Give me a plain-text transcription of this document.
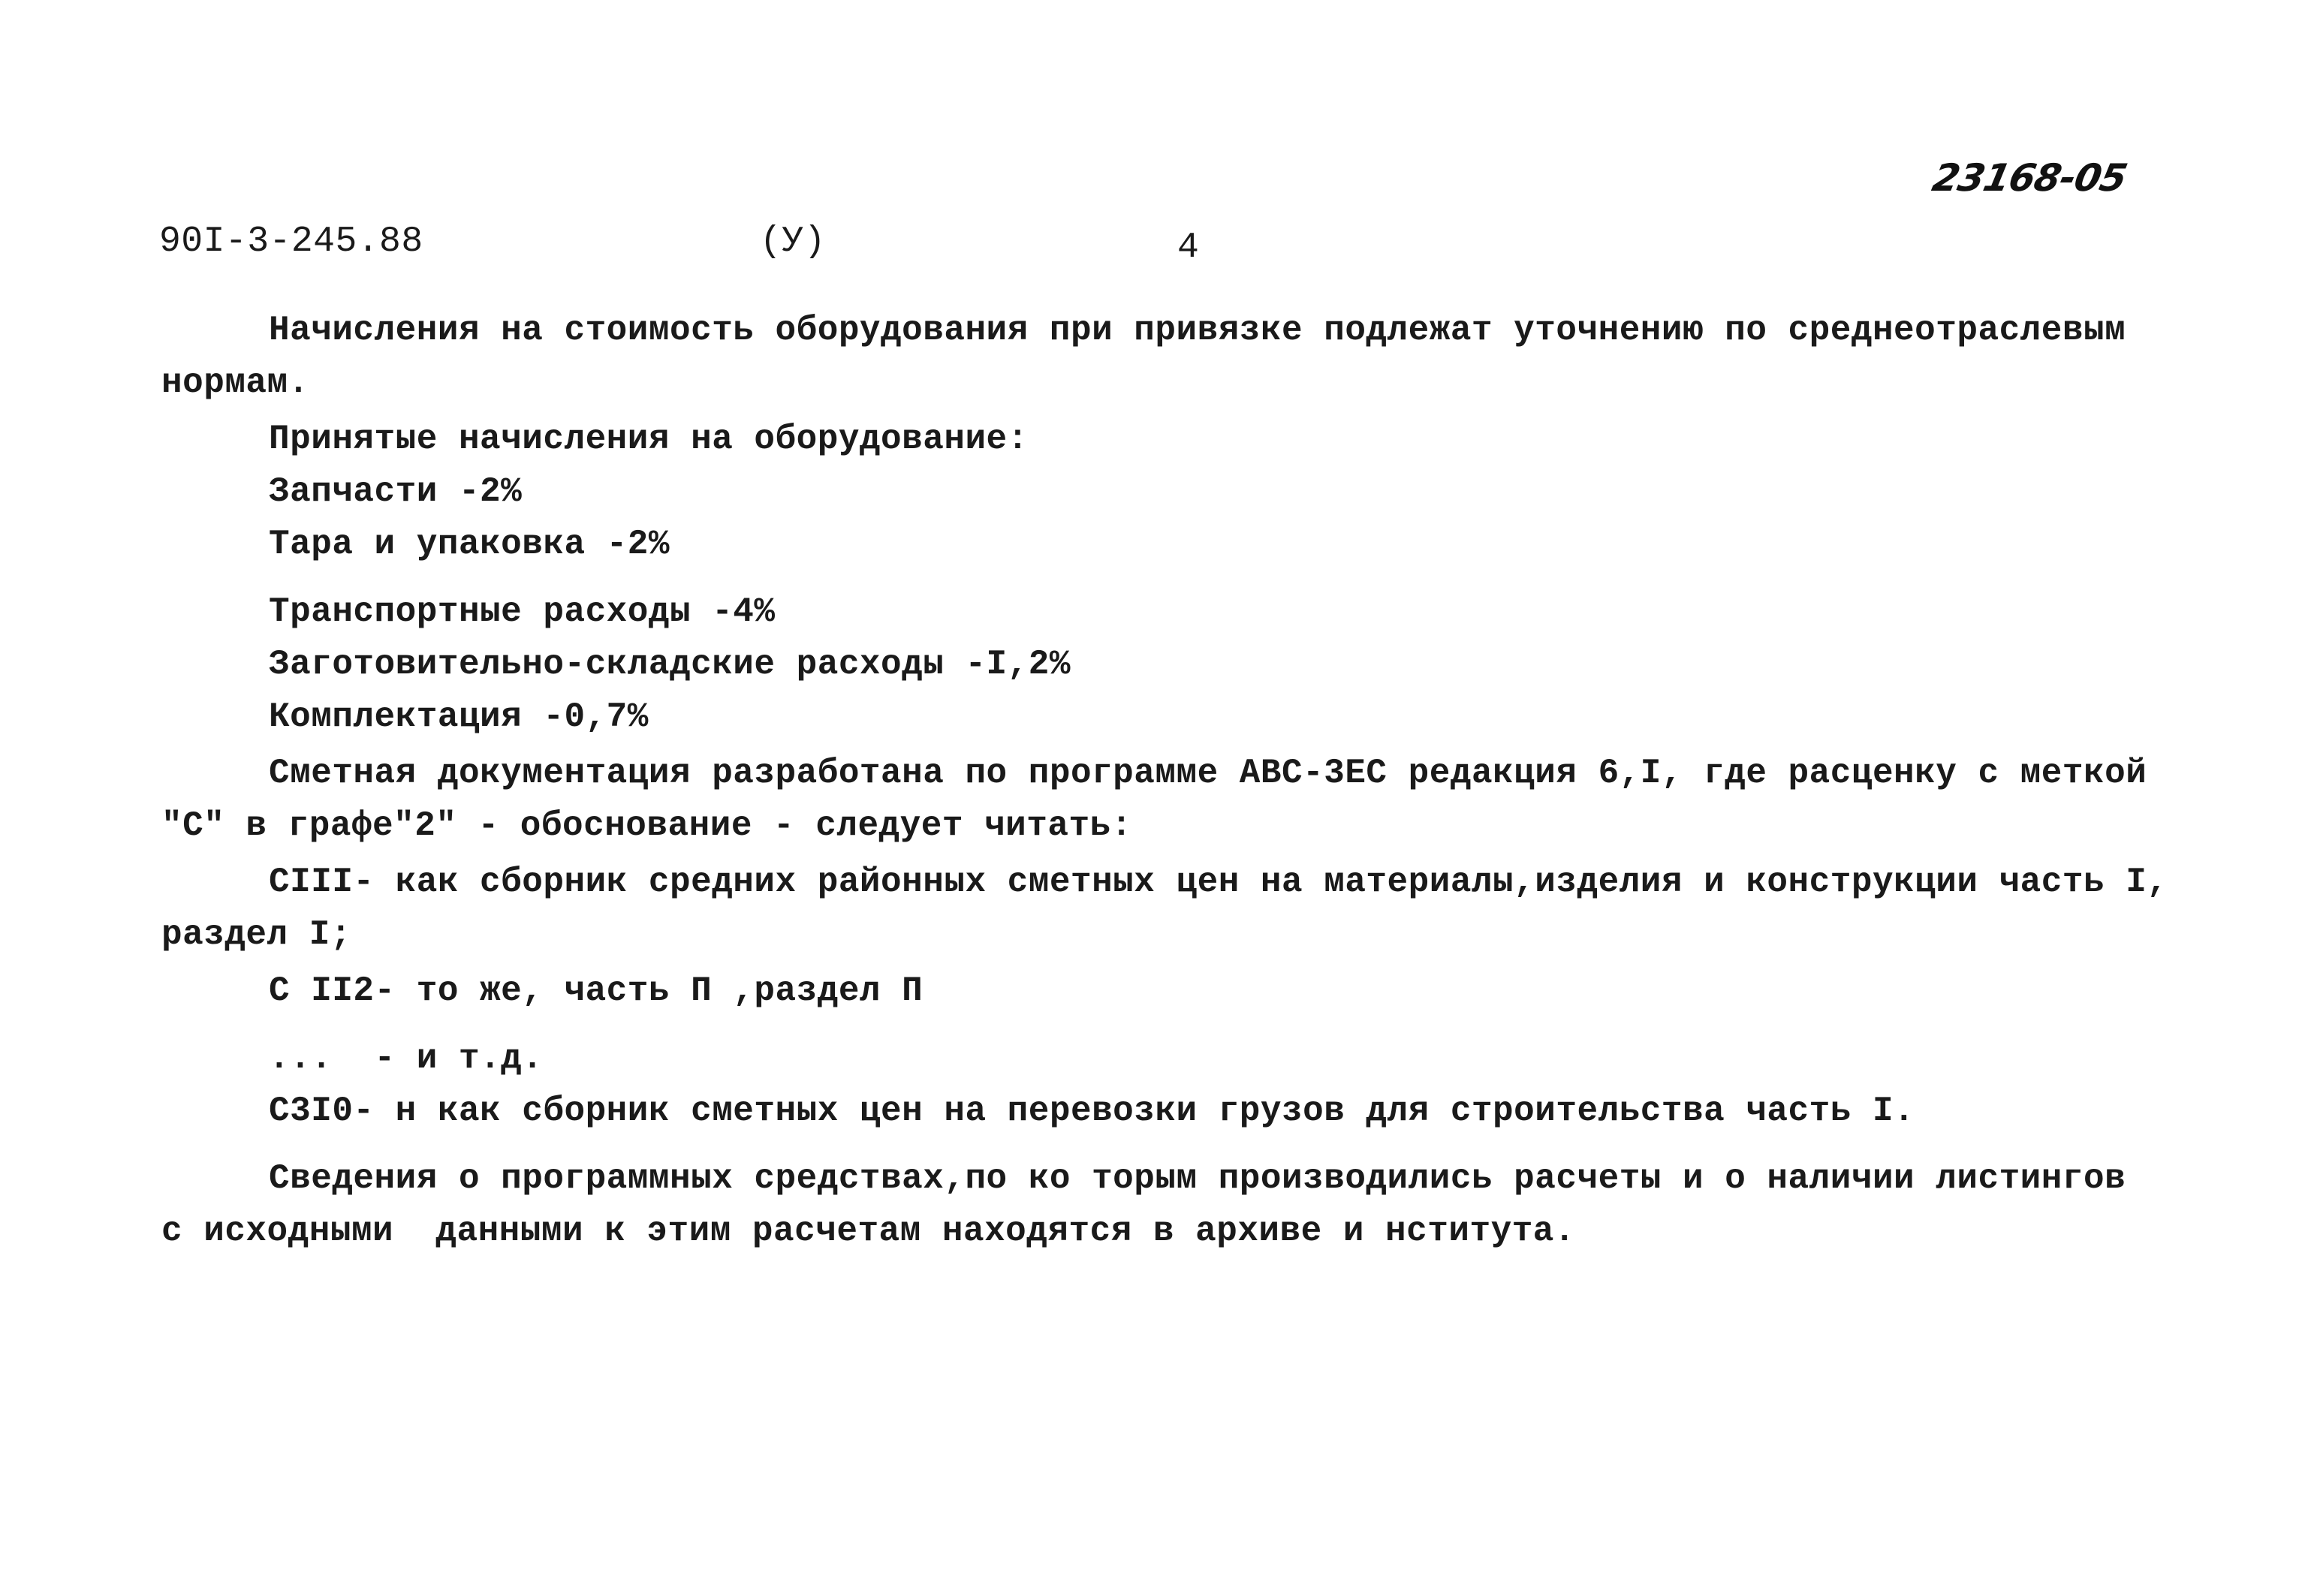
23168-05
90I-3-245.88	(У)	4
Начисления на стоимость оборудования при привязке подлежат уточнению по среднеотраслевым
нормам.
Принятые начисления на оборудование:
Запчасти -2%
Тара и упаковка -2%
Транспортные расходы -4%
Заготовительно-складские расходы -I,2%
Комплектация -0,7%
Сметная документация разработана по программе АВС-3ЕС редакция 6,I, где расценку с меткой
"С" в графе"2" - обоснование - следует читать:
CIII- как сборник средних районных сметных цен на материалы,изделия и конструкции часть I,
раздел I;
С II2- то же, часть П ,раздел П
...  - и т.д.
С3I0- н как сборник сметных цен на перевозки грузов для строительства часть I.
Сведения о программных средствах,по ко торым производились расчеты и о наличии листингов
с исходными  данными к этим расчетам находятся в архиве и нститута.
